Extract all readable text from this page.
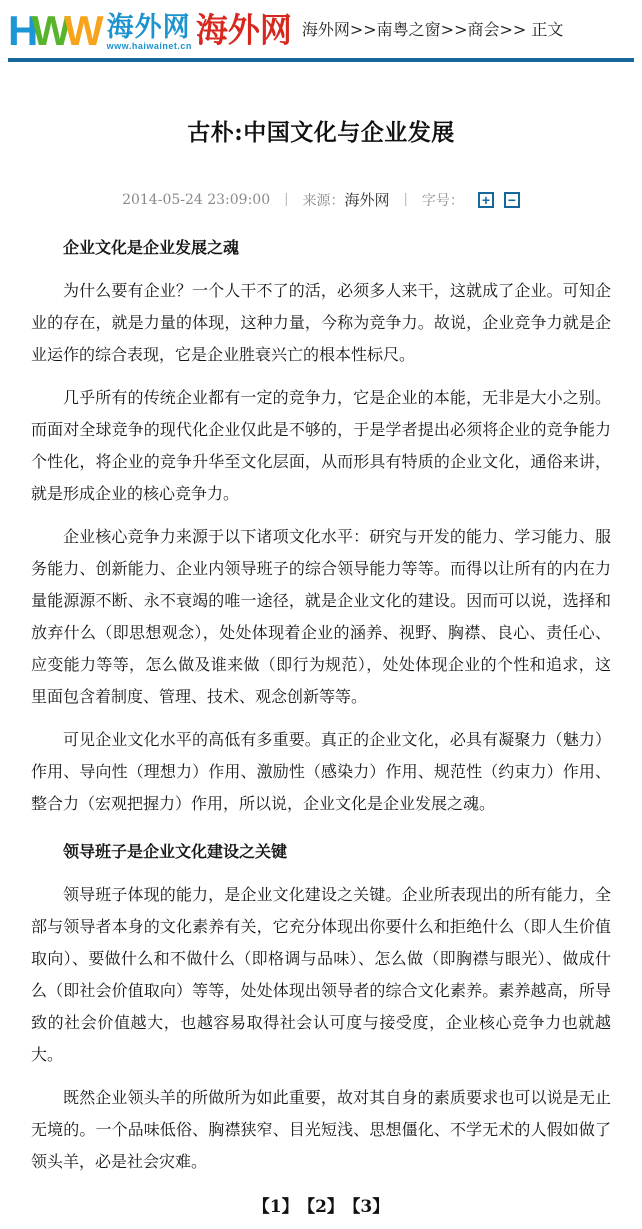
HWW 海外网
www.haiwainet.cn 海外网 海外网>>南粤之窗>>商会>> 正文
古朴:中国文化与企业发展
2014-05-24 23:09:00 | 来源：海外网 | 字号： + −
企业文化是企业发展之魂

为什么要有企业？一个人干不了的活，必须多人来干，这就成了企业。可知企业的存在，就是力量的体现，这种力量，今称为竞争力。故说，企业竞争力就是企业运作的综合表现，它是企业胜衰兴亡的根本性标尺。

几乎所有的传统企业都有一定的竞争力，它是企业的本能，无非是大小之别。而面对全球竞争的现代化企业仅此是不够的，于是学者提出必须将企业的竞争能力个性化，将企业的竞争升华至文化层面，从而形具有特质的企业文化，通俗来讲，就是形成企业的核心竞争力。

企业核心竞争力来源于以下诸项文化水平：研究与开发的能力、学习能力、服务能力、创新能力、企业内领导班子的综合领导能力等等。而得以让所有的内在力量能源源不断、永不衰竭的唯一途径，就是企业文化的建设。因而可以说，选择和放弃什么（即思想观念），处处体现着企业的涵养、视野、胸襟、良心、责任心、应变能力等等，怎么做及谁来做（即行为规范），处处体现企业的个性和追求，这里面包含着制度、管理、技术、观念创新等等。

可见企业文化水平的高低有多重要。真正的企业文化，必具有凝聚力（魅力）作用、导向性（理想力）作用、激励性（感染力）作用、规范性（约束力）作用、整合力（宏观把握力）作用，所以说，企业文化是企业发展之魂。

领导班子是企业文化建设之关键

领导班子体现的能力，是企业文化建设之关键。企业所表现出的所有能力，全部与领导者本身的文化素养有关，它充分体现出你要什么和拒绝什么（即人生价值取向）、要做什么和不做什么（即格调与品味）、怎么做（即胸襟与眼光）、做成什么（即社会价值取向）等等，处处体现出领导者的综合文化素养。素养越高，所导致的社会价值越大，也越容易取得社会认可度与接受度，企业核心竞争力也就越大。

既然企业领头羊的所做所为如此重要，故对其自身的素质要求也可以说是无止无境的。一个品味低俗、胸襟狭窄、目光短浅、思想僵化、不学无术的人假如做了领头羊，必是社会灾难。

【1】 【2】 【3】
